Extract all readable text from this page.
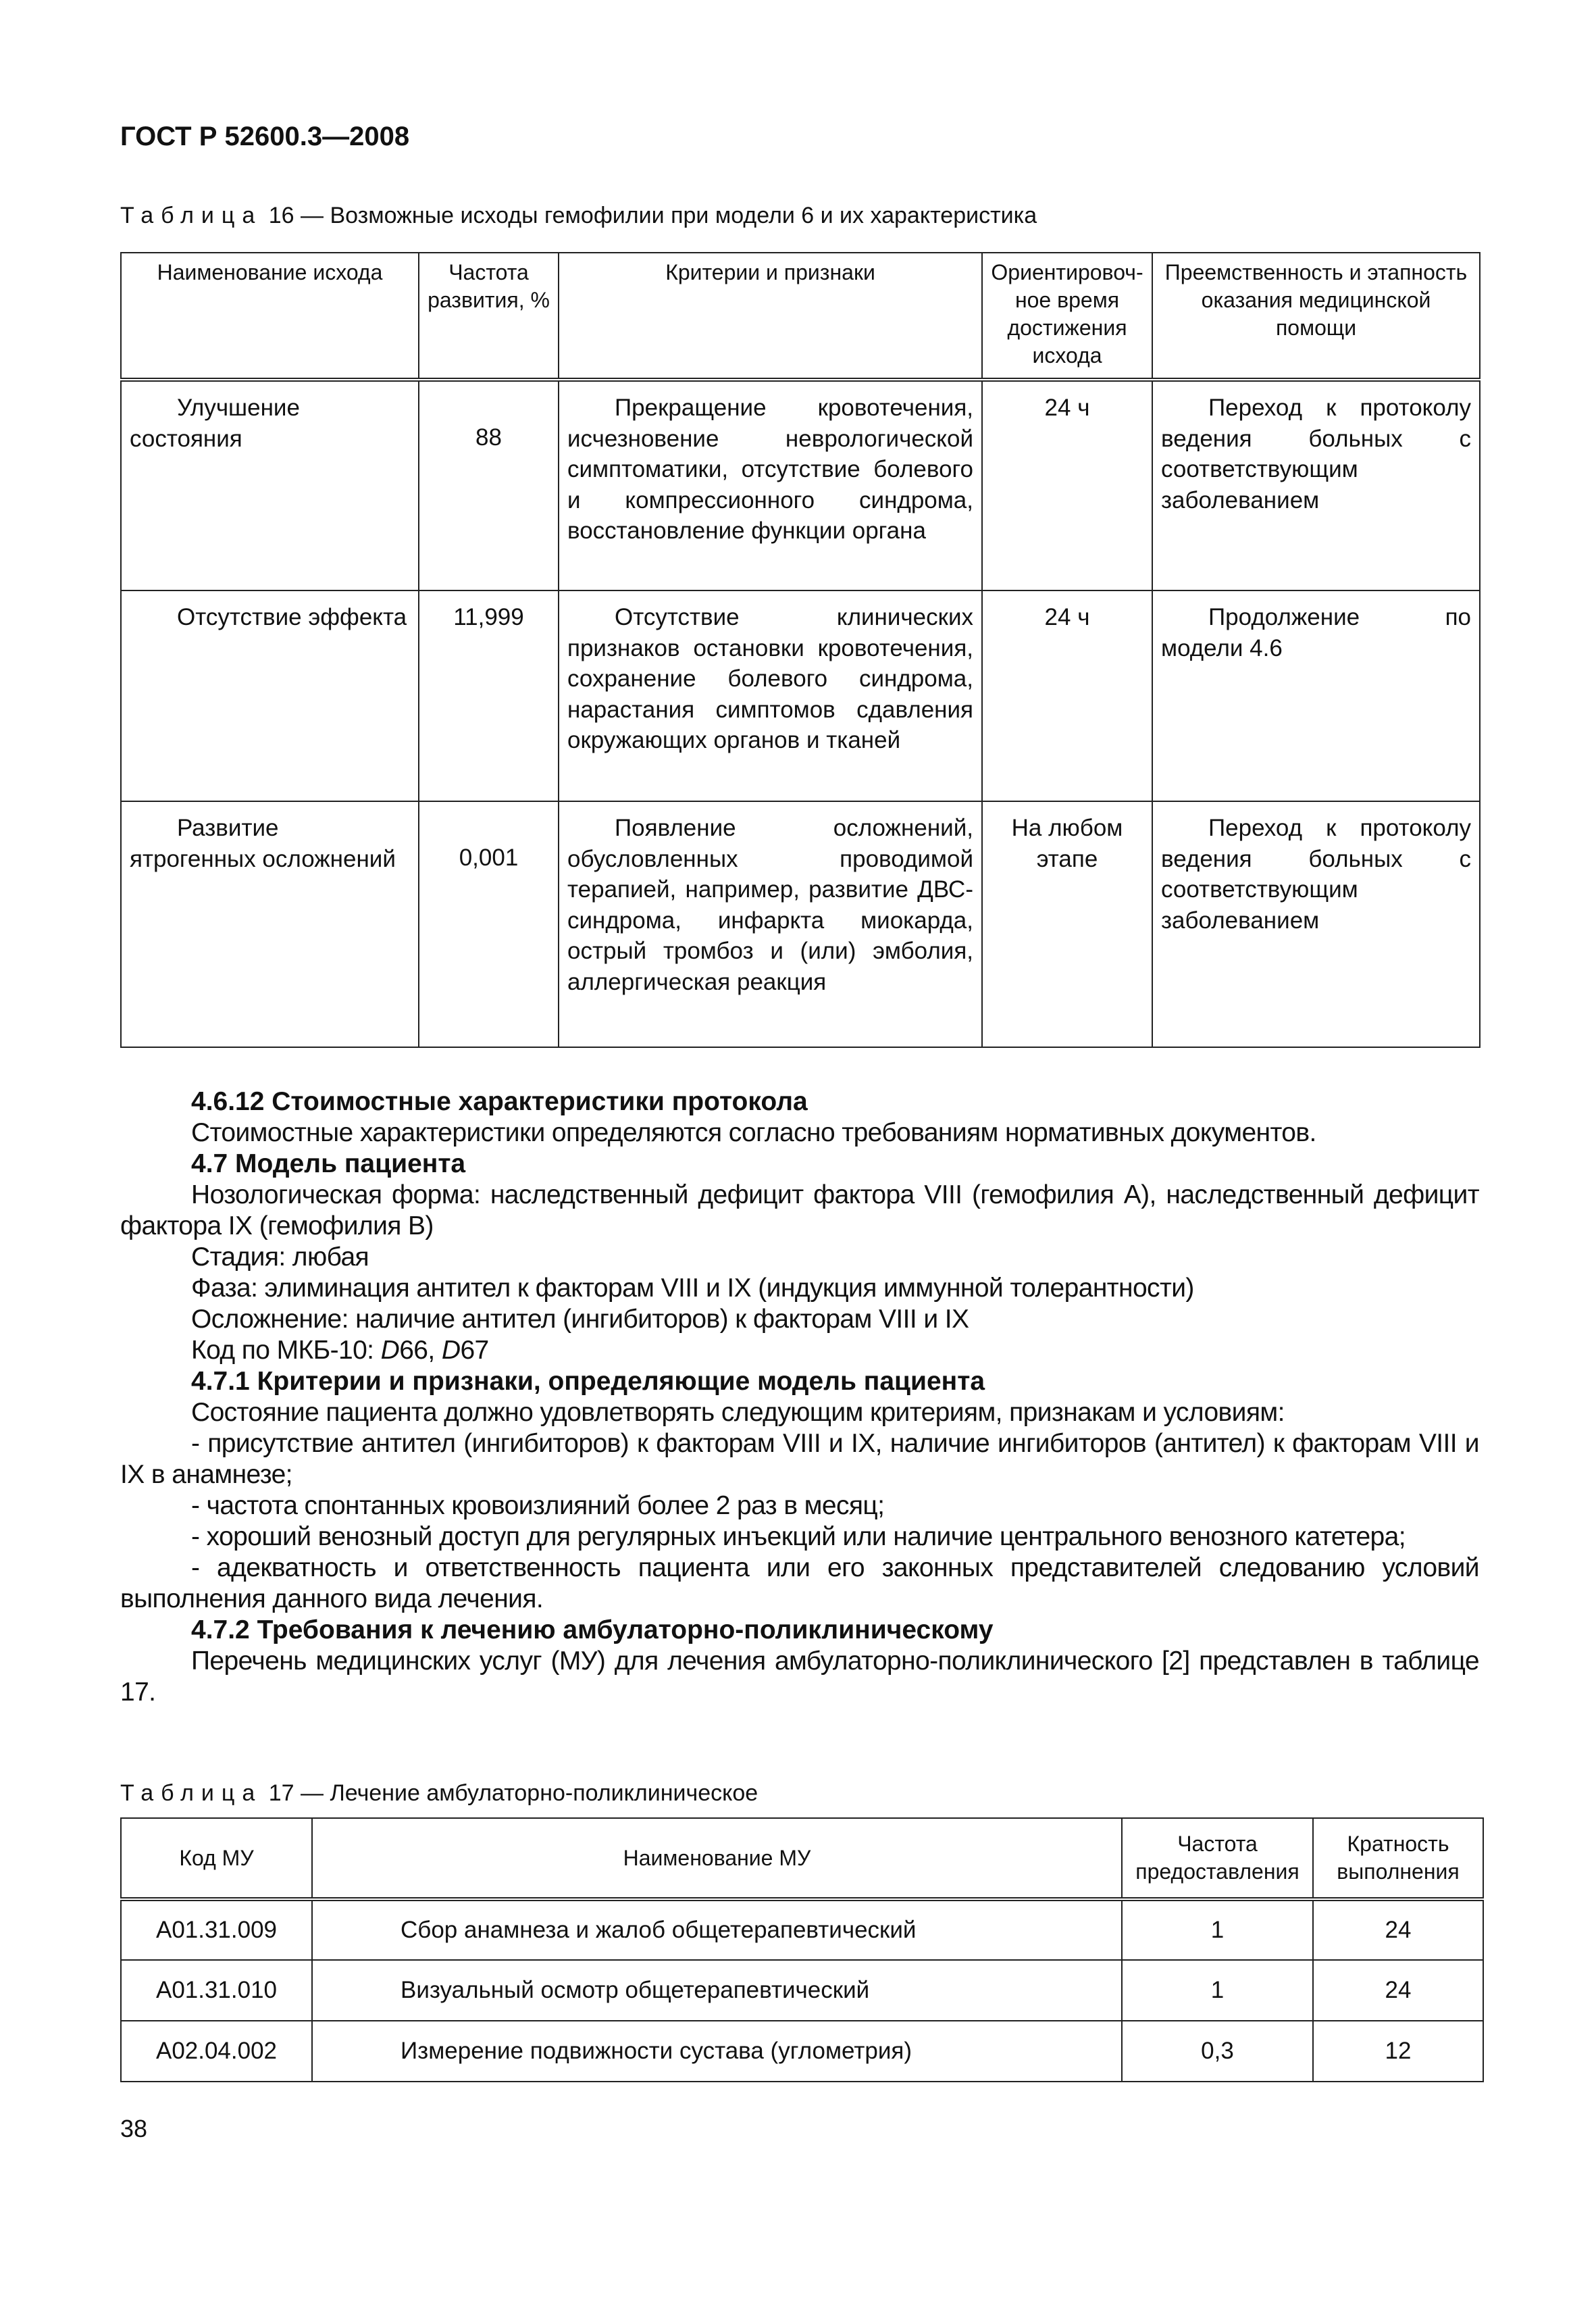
ГОСТ Р 52600.3—2008
Таблица 16 — Возможные исходы гемофилии при модели 6 и их характеристика
Наименование исхода	Частота развития, %	Критерии и признаки	Ориентировоч-ное время достижения исхода	Преемственность и этапность оказания медицинской помощи
Улучшение состояния	88	Прекращение кровотечения, исчезновение неврологической симптоматики, отсутствие болевого и компрессионного синдрома, восстановление функции органа	24 ч	Переход к протоколу ведения больных с соответствующим заболеванием
Отсутствие эффекта	11,999	Отсутствие клинических признаков остановки кровотечения, сохранение болевого синдрома, нарастания симптомов сдавления окружающих органов и тканей	24 ч	Продолжение по модели 4.6
Развитие ятрогенных осложнений	0,001	Появление осложнений, обусловленных проводимой терапией, например, развитие ДВС-синдрома, инфаркта миокарда, острый тромбоз и (или) эмболия, аллергическая реакция	На любом этапе	Переход к протоколу ведения больных с соответствующим заболеванием

4.6.12 Стоимостные характеристики протокола

Стоимостные характеристики определяются согласно требованиям нормативных документов.

4.7 Модель пациента

Нозологическая форма: наследственный дефицит фактора VIII (гемофилия А), наследственный дефицит фактора IX (гемофилия В)

Стадия: любая

Фаза: элиминация антител к факторам VIII и IX (индукция иммунной толерантности)

Осложнение: наличие антител (ингибиторов) к факторам VIII и IX

Код по МКБ-10: D66, D67

4.7.1 Критерии и признаки, определяющие модель пациента

Состояние пациента должно удовлетворять следующим критериям, признакам и условиям:

- присутствие антител (ингибиторов) к факторам VIII и IX, наличие ингибиторов (антител) к факторам VIII и IX в анамнезе;

- частота спонтанных кровоизлияний более 2 раз в месяц;

- хороший венозный доступ для регулярных инъекций или наличие центрального венозного катетера;

- адекватность и ответственность пациента или его законных представителей следованию условий выполнения данного вида лечения.

4.7.2 Требования к лечению амбулаторно-поликлиническому

Перечень медицинских услуг (МУ) для лечения амбулаторно-поликлинического [2] представлен в таблице 17.

Таблица 17 — Лечение амбулаторно-поликлиническое
Код МУ	Наименование МУ	Частота предоставления	Кратность выполнения
A01.31.009	Сбор анамнеза и жалоб общетерапевтический	1	24
A01.31.010	Визуальный осмотр общетерапевтический	1	24
A02.04.002	Измерение подвижности сустава (углометрия)	0,3	12
38
